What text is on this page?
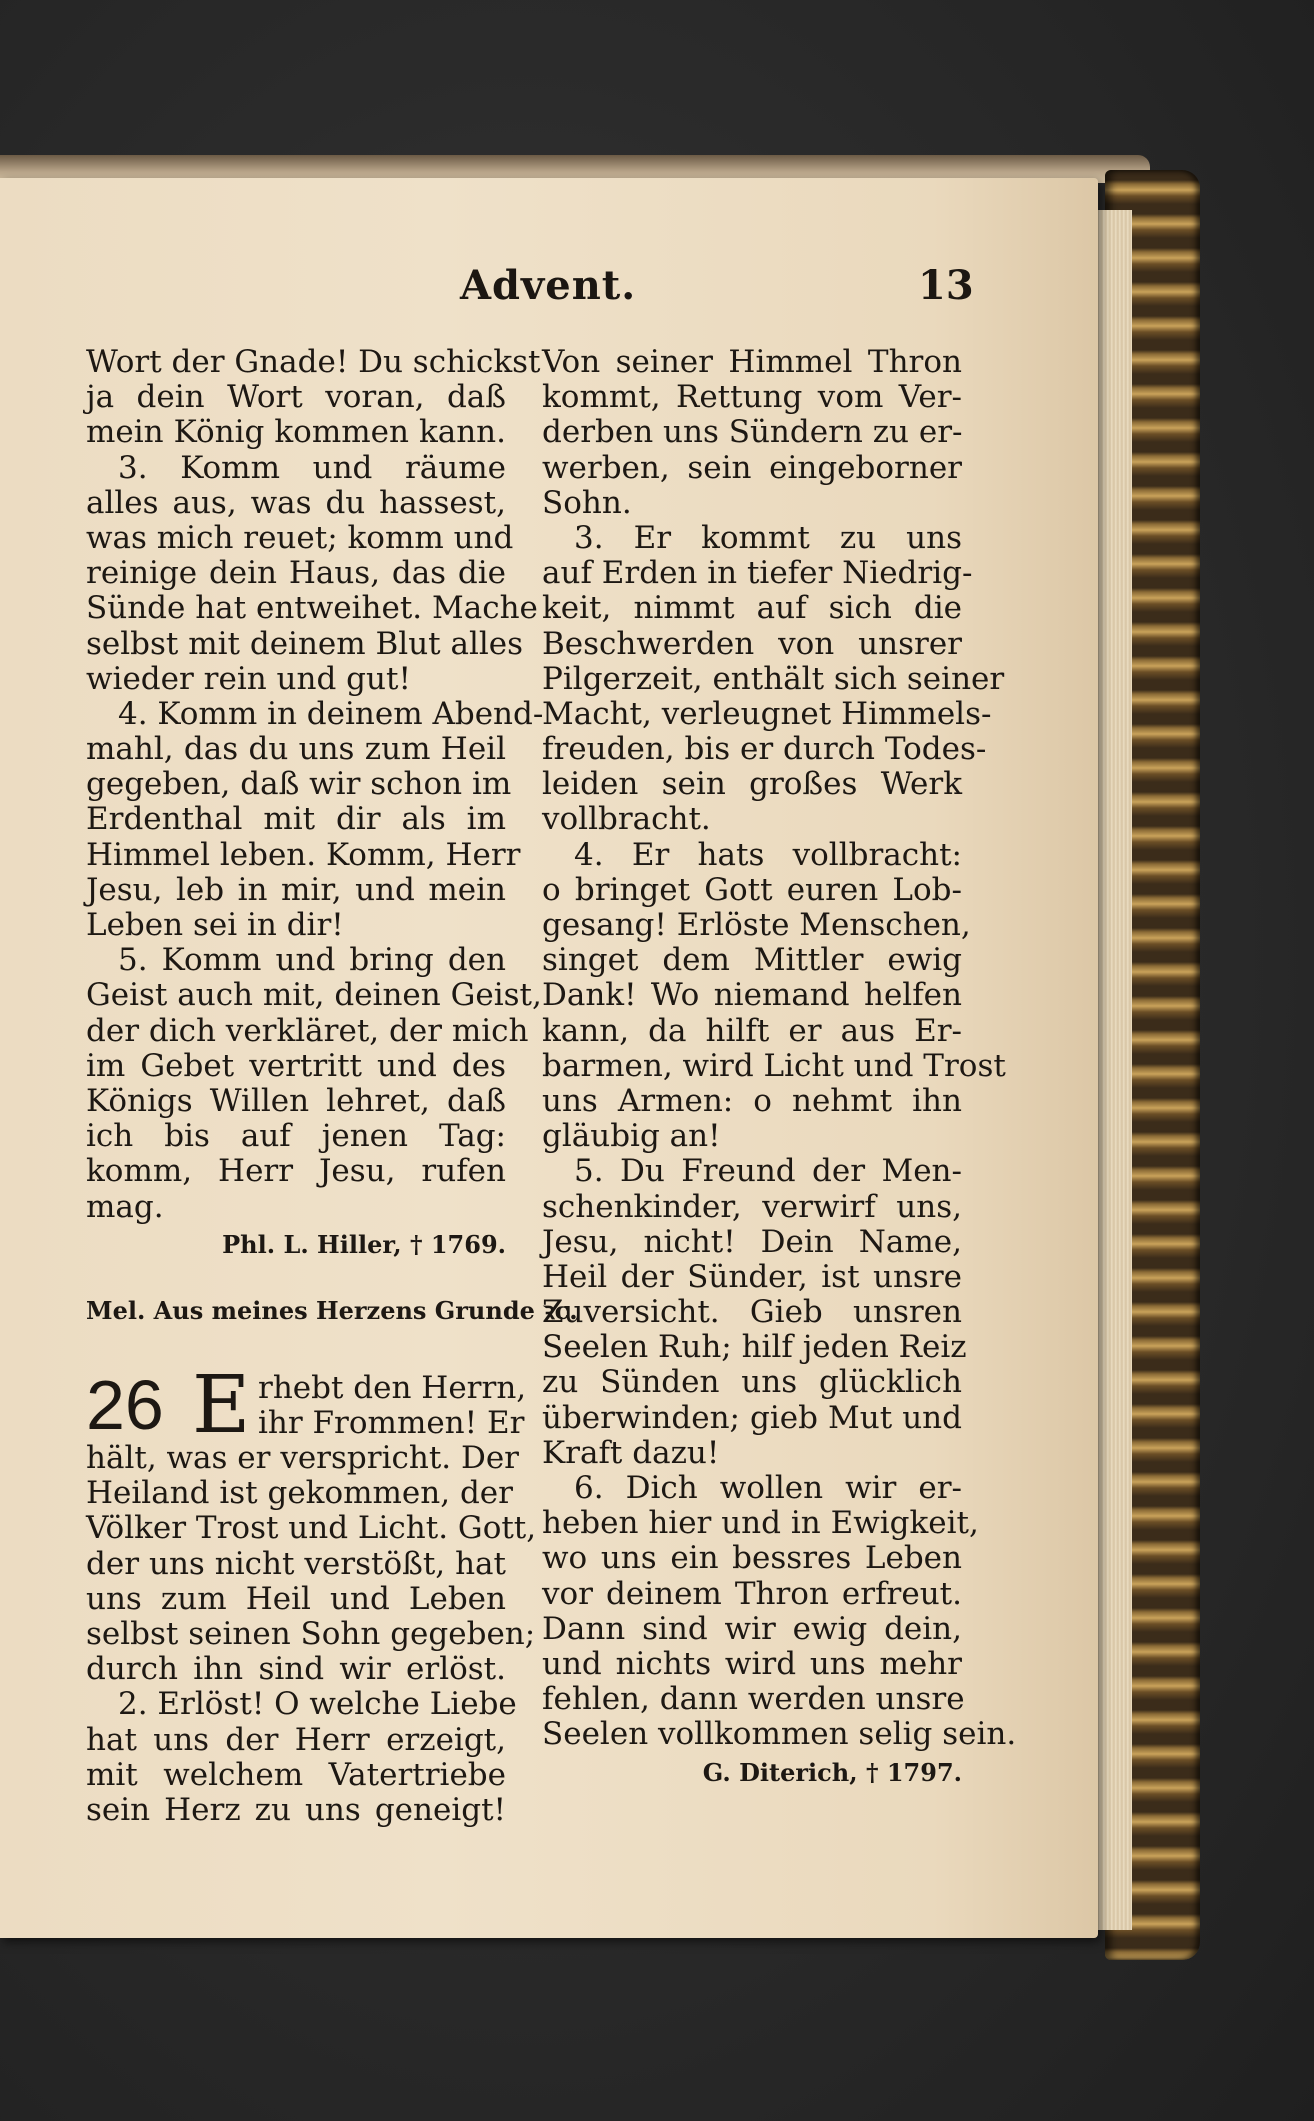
Advent.	13
Wort der Gnade! Du schickst
ja dein Wort voran, daß
mein König kommen kann.
3. Komm und räume
alles aus, was du hassest,
was mich reuet; komm und
reinige dein Haus, das die
Sünde hat entweihet. Mache
selbst mit deinem Blut alles
wieder rein und gut!
4. Komm in deinem Abend-
mahl, das du uns zum Heil
gegeben, daß wir schon im
Erdenthal mit dir als im
Himmel leben. Komm, Herr
Jesu, leb in mir, und mein
Leben sei in dir!
5. Komm und bring den
Geist auch mit, deinen Geist,
der dich verkläret, der mich
im Gebet vertritt und des
Königs Willen lehret, daß
ich bis auf jenen Tag:
komm, Herr Jesu, rufen
mag.
Phl. L. Hiller, † 1769.
Mel. Aus meines Herzens Grunde ꝛc.
26 E rhebt den Herrn,
ihr Frommen! Er
hält, was er verspricht. Der
Heiland ist gekommen, der
Völker Trost und Licht. Gott,
der uns nicht verstößt, hat
uns zum Heil und Leben
selbst seinen Sohn gegeben;
durch ihn sind wir erlöst.
2. Erlöst! O welche Liebe
hat uns der Herr erzeigt,
mit welchem Vatertriebe
sein Herz zu uns geneigt!
Von seiner Himmel Thron
kommt, Rettung vom Ver-
derben uns Sündern zu er-
werben, sein eingeborner
Sohn.
3. Er kommt zu uns
auf Erden in tiefer Niedrig-
keit, nimmt auf sich die
Beschwerden von unsrer
Pilgerzeit, enthält sich seiner
Macht, verleugnet Himmels-
freuden, bis er durch Todes-
leiden sein großes Werk
vollbracht.
4. Er hats vollbracht:
o bringet Gott euren Lob-
gesang! Erlöste Menschen,
singet dem Mittler ewig
Dank! Wo niemand helfen
kann, da hilft er aus Er-
barmen, wird Licht und Trost
uns Armen: o nehmt ihn
gläubig an!
5. Du Freund der Men-
schenkinder, verwirf uns,
Jesu, nicht! Dein Name,
Heil der Sünder, ist unsre
Zuversicht. Gieb unsren
Seelen Ruh; hilf jeden Reiz
zu Sünden uns glücklich
überwinden; gieb Mut und
Kraft dazu!
6. Dich wollen wir er-
heben hier und in Ewigkeit,
wo uns ein bessres Leben
vor deinem Thron erfreut.
Dann sind wir ewig dein,
und nichts wird uns mehr
fehlen, dann werden unsre
Seelen vollkommen selig sein.
G. Diterich, † 1797.
